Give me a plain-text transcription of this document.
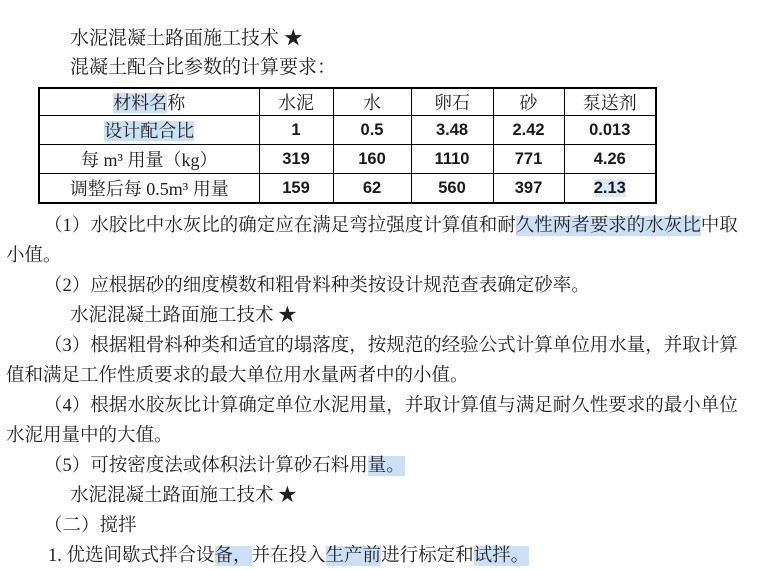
水泥混凝土路面施工技术 ★
混凝土配合比参数的计算要求：
材料名称	水泥	水	卵石	砂	泵送剂
设计配合比	1	0.5	3.48	2.42	0.013
每 m³ 用量（kg）	319	160	1110	771	4.26
调整后每 0.5m³ 用量	159	62	560	397	2.13
（1）水胶比中水灰比的确定应在满足弯拉强度计算值和耐久性两者要求的水灰比中取
小值。
（2）应根据砂的细度模数和粗骨料种类按设计规范查表确定砂率。
水泥混凝土路面施工技术 ★
（3）根据粗骨料种类和适宜的塌落度，按规范的经验公式计算单位用水量，并取计算
值和满足工作性质要求的最大单位用水量两者中的小值。
（4）根据水胶灰比计算确定单位水泥用量，并取计算值与满足耐久性要求的最小单位
水泥用量中的大值。
（5）可按密度法或体积法计算砂石料用量。
水泥混凝土路面施工技术 ★
（二）搅拌
1. 优选间歇式拌合设备，并在投入生产前进行标定和试拌。
